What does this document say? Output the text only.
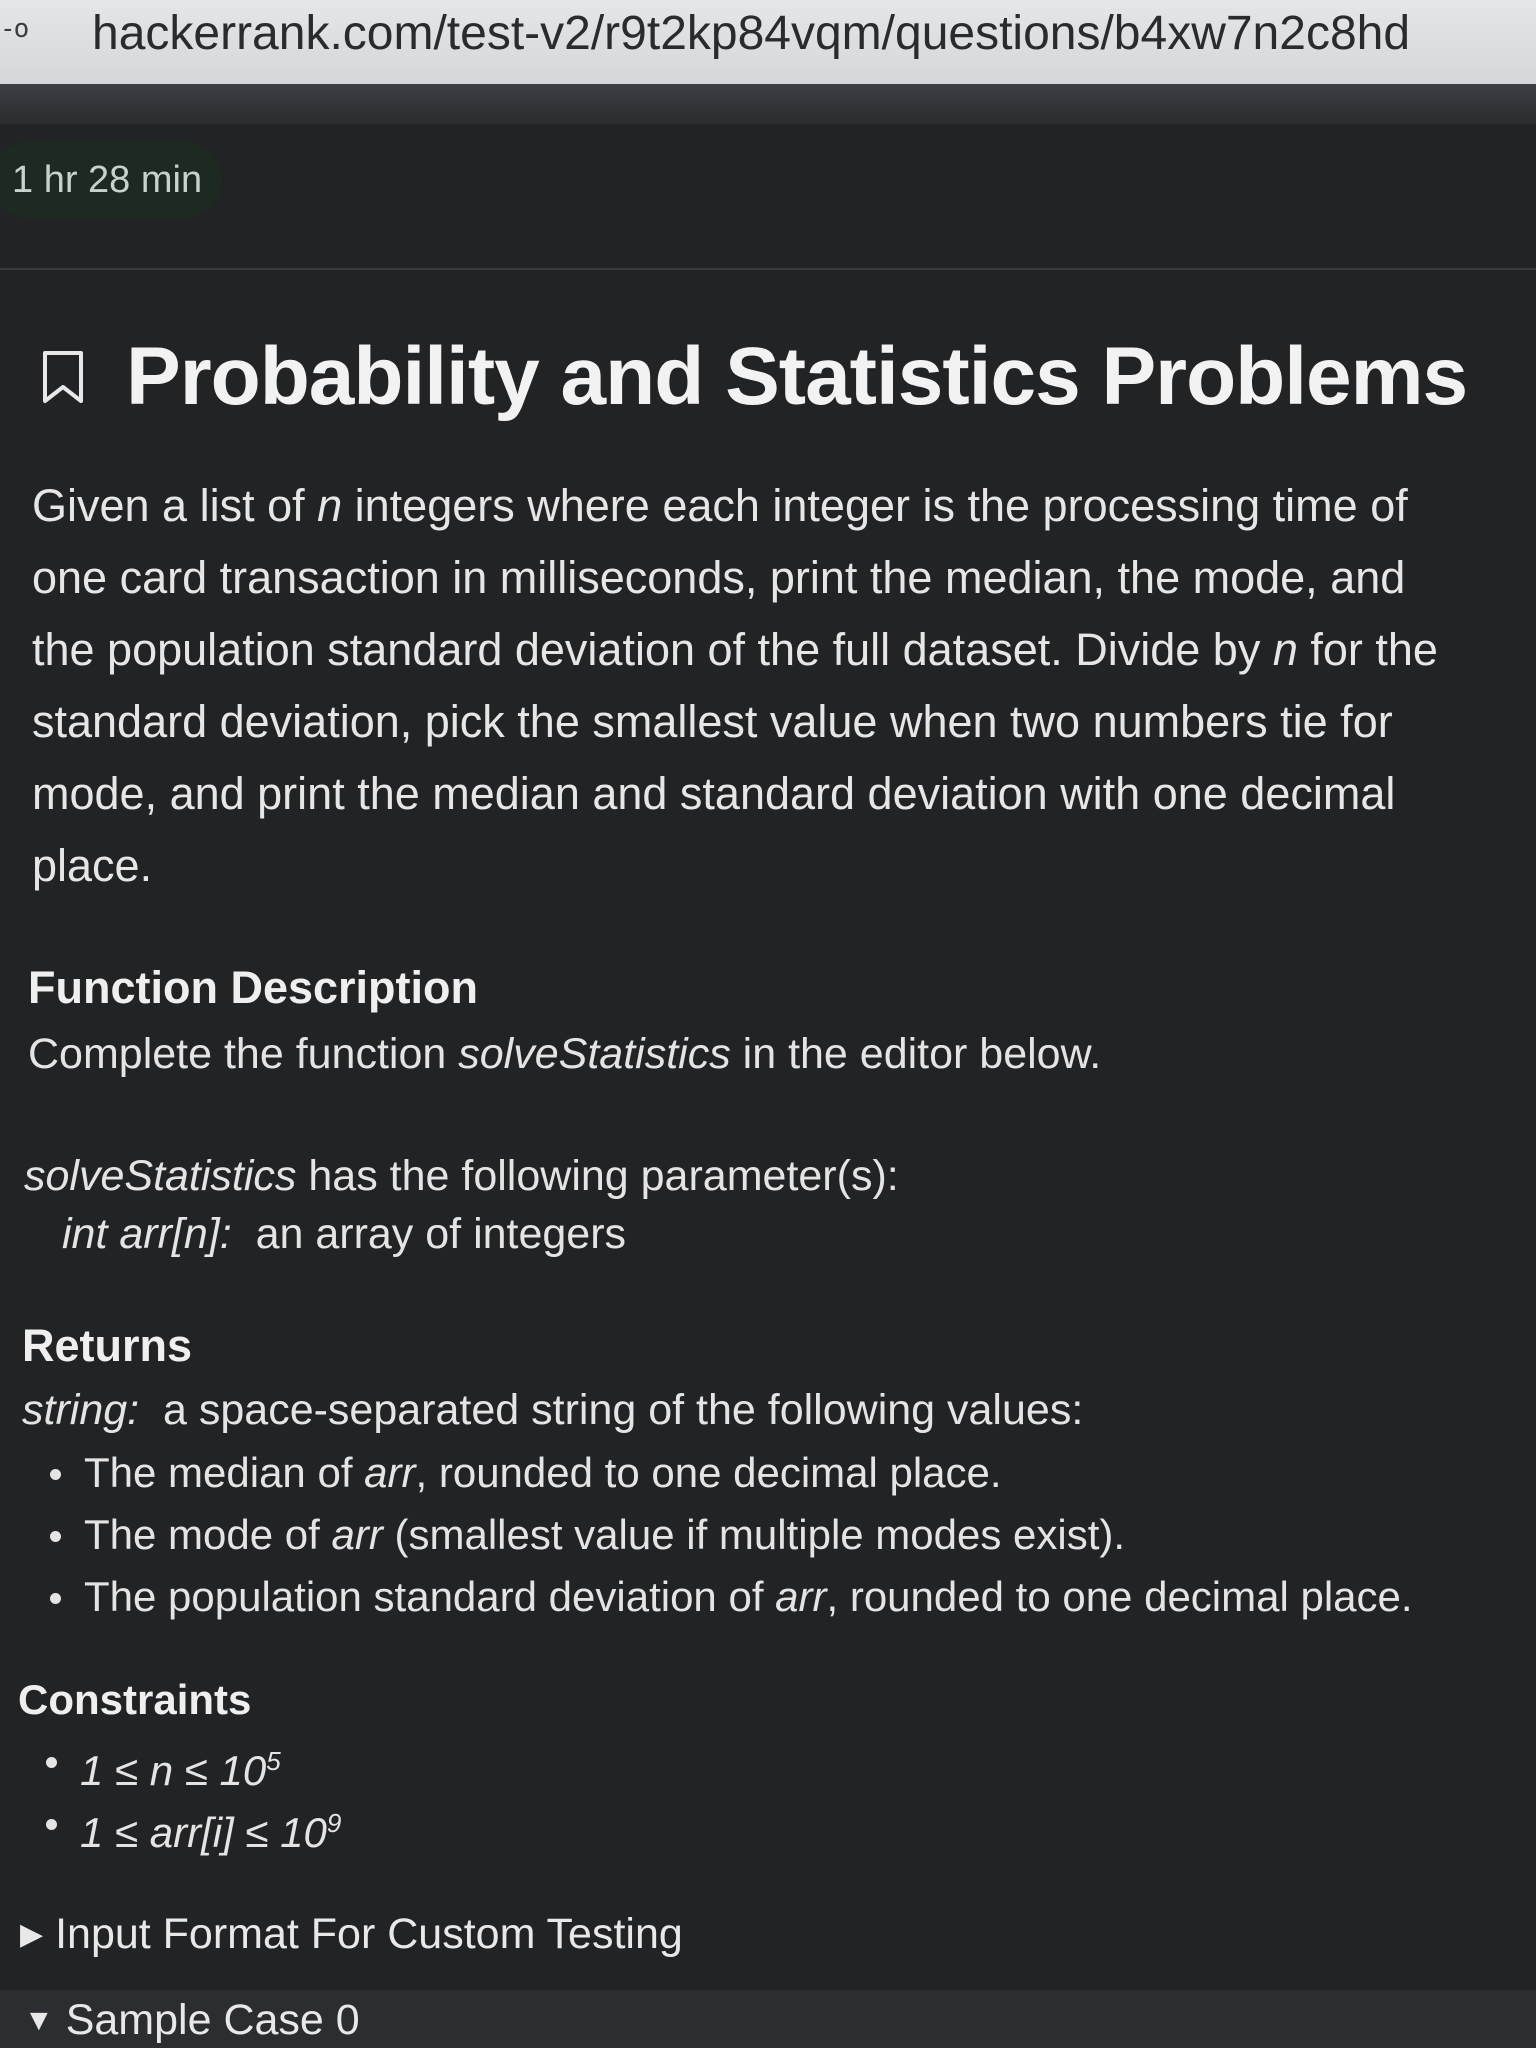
-o hackerrank.com/test-v2/r9t2kp84vqm/questions/b4xw7n2c8hd
1 hr 28 min
Probability and Statistics Problems
Given a list of n integers where each integer is the processing time of one card transaction in milliseconds, print the median, the mode, and the population standard deviation of the full dataset. Divide by n for the standard deviation, pick the smallest value when two numbers tie for mode, and print the median and standard deviation with one decimal place.
Function Description
Complete the function solveStatistics in the editor below.
solveStatistics has the following parameter(s):
int arr[n]:  an array of integers
Returns
string:  a space-separated string of the following values:
The median of arr, rounded to one decimal place.
The mode of arr (smallest value if multiple modes exist).
The population standard deviation of arr, rounded to one decimal place.
Constraints
$1 \le n \le 10^5$
$1 \le arr[i] \le 10^9$
▶ Input Format For Custom Testing
▼ Sample Case 0
